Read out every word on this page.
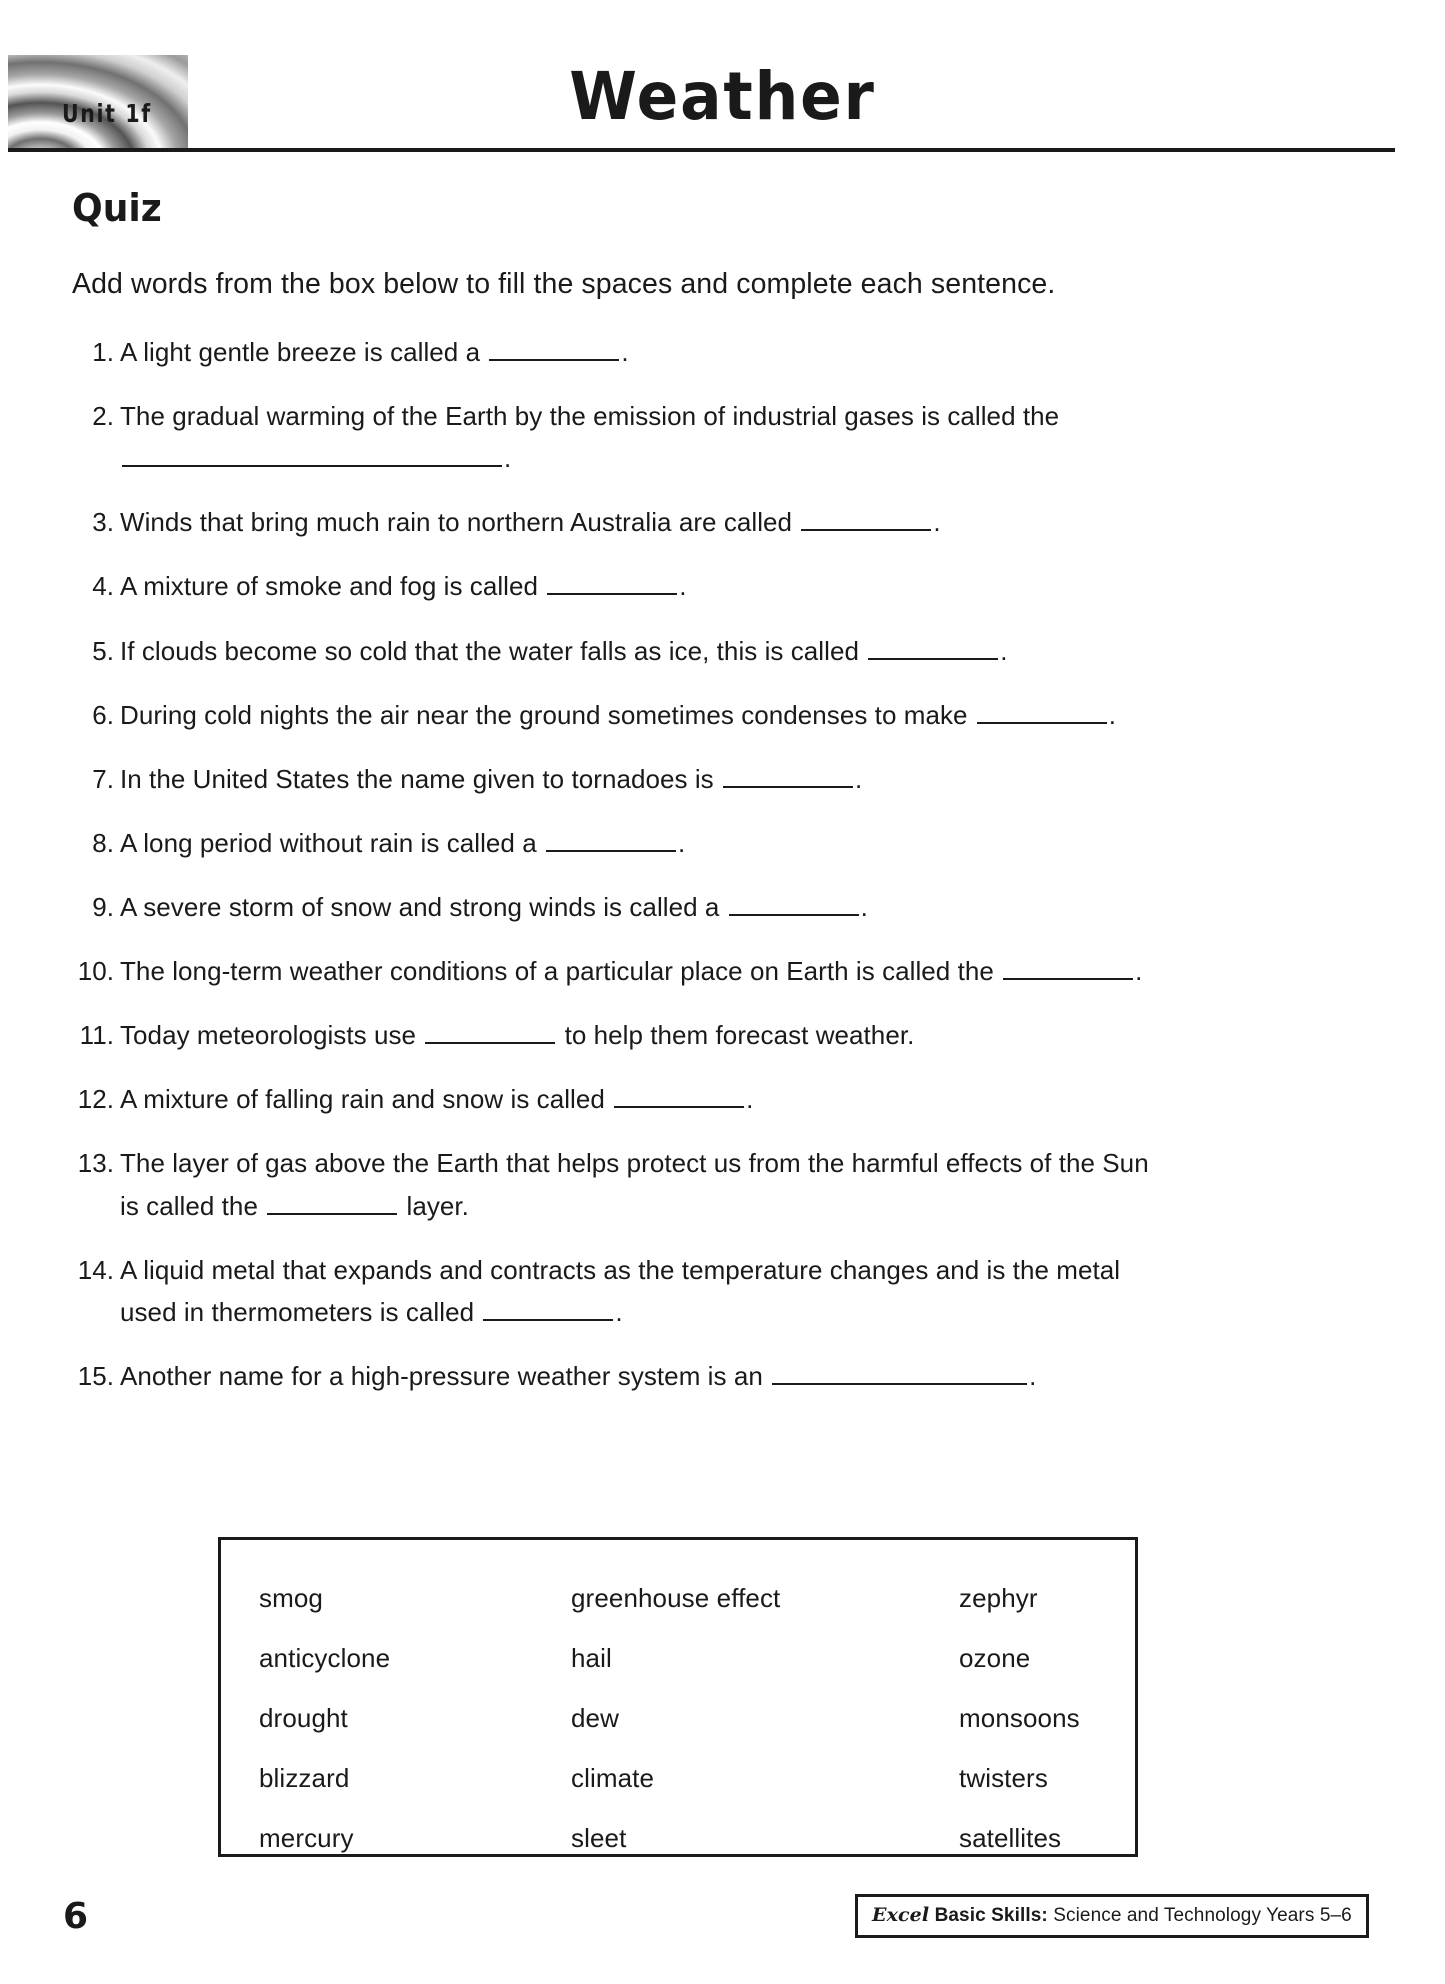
Unit 1f	Weather
Quiz

Add words from the box below to fill the spaces and complete each sentence.

1. A light gentle breeze is called a	.
2. The gradual warming of the Earth by the emission of industrial gases is called the
.
3. Winds that bring much rain to northern Australia are called	.
4. A mixture of smoke and fog is called	.
5. If clouds become so cold that the water falls as ice, this is called	.
6. During cold nights the air near the ground sometimes condenses to make	.
7. In the United States the name given to tornadoes is	.
8. A long period without rain is called a	.
9. A severe storm of snow and strong winds is called a	.
10. The long-term weather conditions of a particular place on Earth is called the	.
11. Today meteorologists use	to help them forecast weather.
12. A mixture of falling rain and snow is called	.
13. The layer of gas above the Earth that helps protect us from the harmful effects of the Sun
is called the	layer.
14. A liquid metal that expands and contracts as the temperature changes and is the metal
used in thermometers is called	.
15. Another name for a high-pressure weather system is an	.
smog	greenhouse effect	zephyr
anticyclone	hail	ozone
drought	dew	monsoons
blizzard	climate	twisters
mercury	sleet	satellites
6	Excel Basic Skills: Science and Technology Years 5–6
